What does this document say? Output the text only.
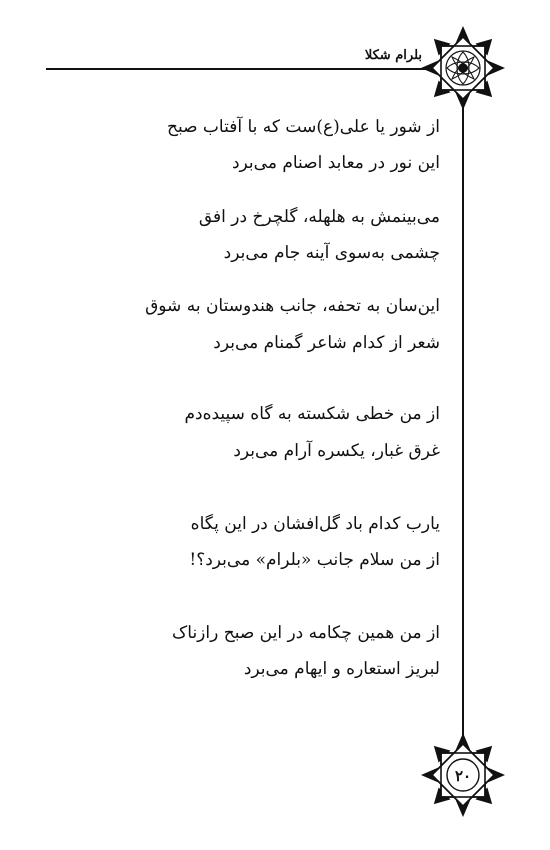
بلرام شکلا
از شور یا علی(ع)ست که با آفتاب صبح
این نور در معابد اصنام می‌برد
می‌بینمش به هلهله، گلچرخ در افق
چشمی به‌سوی آینه جام می‌برد
این‌سان به تحفه، جانب هندوستان به شوق
شعر از کدام شاعر گمنام می‌برد
از من خطی شکسته به گاه سپیده‌دم
غرق غبار، یکسره آرام می‌برد
یارب کدام باد گل‌افشان در این پگاه
از من سلام جانب «بلرام» می‌برد؟!
از من همین چکامه در این صبح رازناک
لبریز استعاره و ایهام می‌برد
۲۰
